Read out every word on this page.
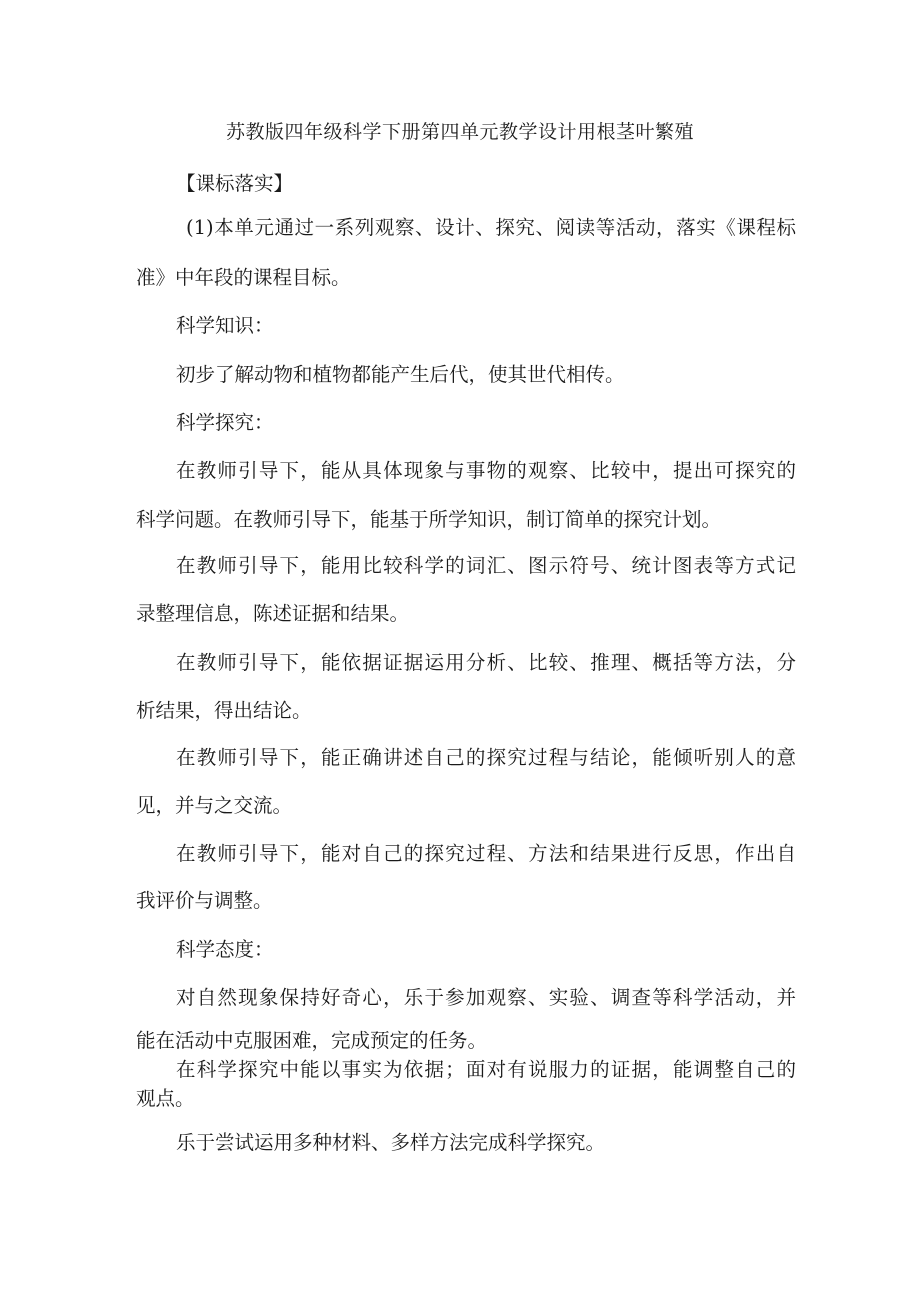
苏教版四年级科学下册第四单元教学设计用根茎叶繁殖
【课标落实】
(1)本单元通过一系列观察、设计、探究、阅读等活动，落实《课程标
准》中年段的课程目标。
科学知识：
初步了解动物和植物都能产生后代，使其世代相传。
科学探究：
在教师引导下，能从具体现象与事物的观察、比较中，提出可探究的
科学问题。在教师引导下，能基于所学知识，制订简单的探究计划。
在教师引导下，能用比较科学的词汇、图示符号、统计图表等方式记
录整理信息，陈述证据和结果。
在教师引导下，能依据证据运用分析、比较、推理、概括等方法，分
析结果，得出结论。
在教师引导下，能正确讲述自己的探究过程与结论，能倾听别人的意
见，并与之交流。
在教师引导下，能对自己的探究过程、方法和结果进行反思，作出自
我评价与调整。
科学态度：
对自然现象保持好奇心，乐于参加观察、实验、调查等科学活动，并
能在活动中克服困难，完成预定的任务。
在科学探究中能以事实为依据；面对有说服力的证据，能调整自己的
观点。
乐于尝试运用多种材料、多样方法完成科学探究。
